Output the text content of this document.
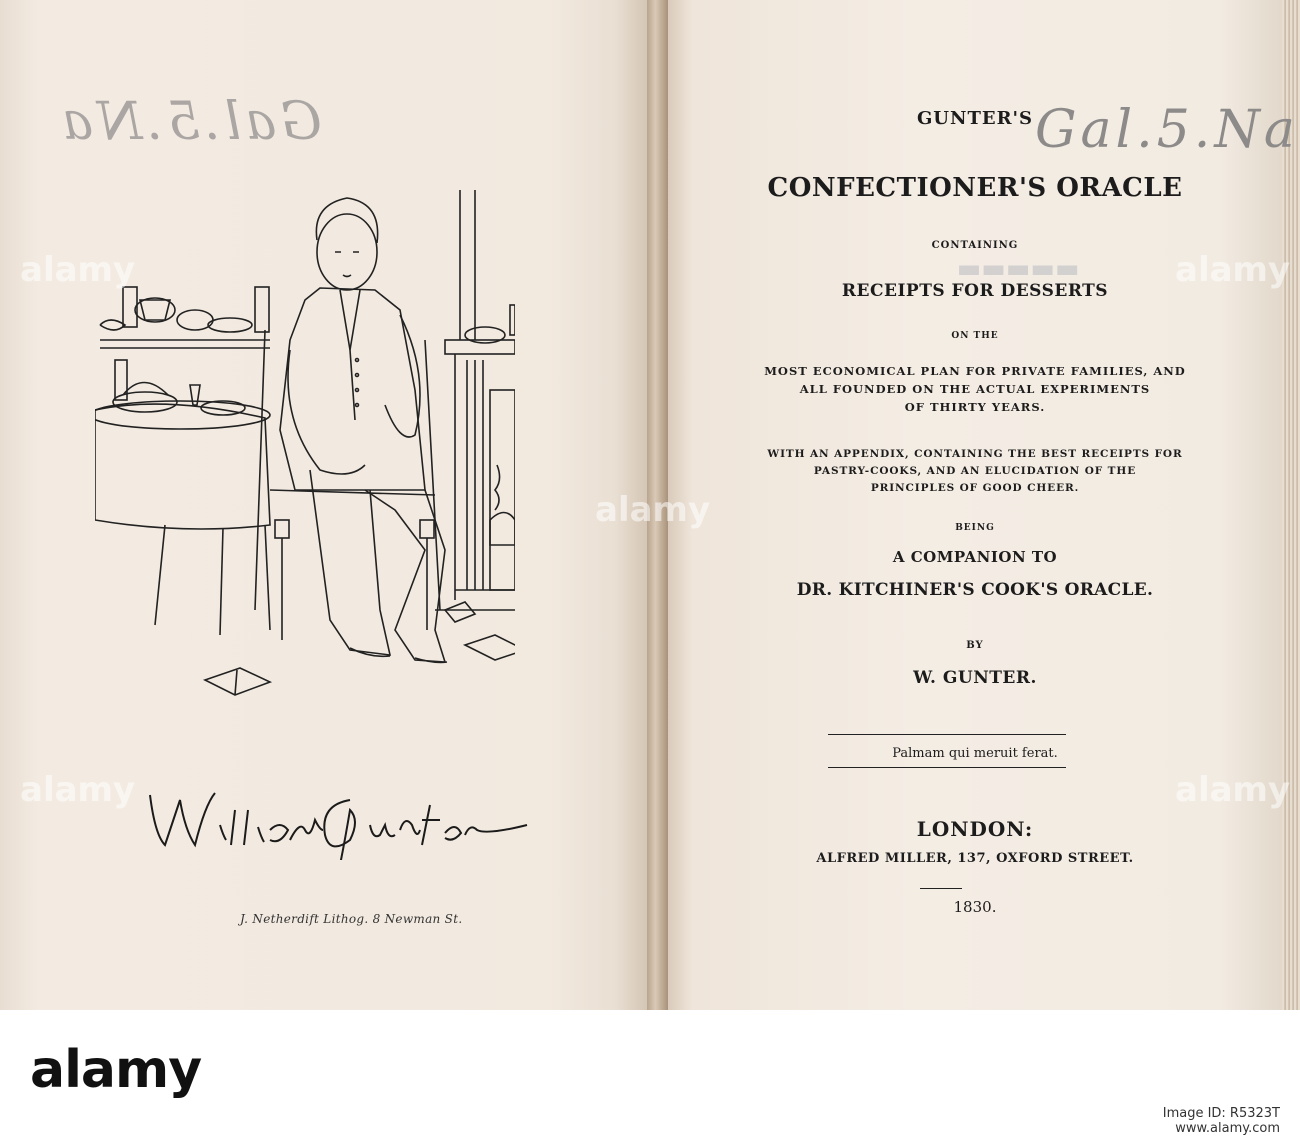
▬▬▬▬▬
Gal.5.Na	Gal.5.Na
J. Netherdift Lithog. 8 Newman St.
GUNTER'S
CONFECTIONER'S ORACLE
CONTAINING
RECEIPTS FOR DESSERTS
ON THE
MOST ECONOMICAL PLAN FOR PRIVATE FAMILIES, AND
ALL FOUNDED ON THE ACTUAL EXPERIMENTS
OF THIRTY YEARS.
WITH AN APPENDIX, CONTAINING THE BEST RECEIPTS FOR
PASTRY-COOKS, AND AN ELUCIDATION OF THE
PRINCIPLES OF GOOD CHEER.
BEING
A COMPANION TO
DR. KITCHINER'S COOK'S ORACLE.
BY
W. GUNTER.
Palmam qui meruit ferat.
LONDON:
ALFRED MILLER, 137, OXFORD STREET.
1830.
alamy
alamy
alamy
alamy
alamy
alamy
Image ID: R5323T
www.alamy.com
